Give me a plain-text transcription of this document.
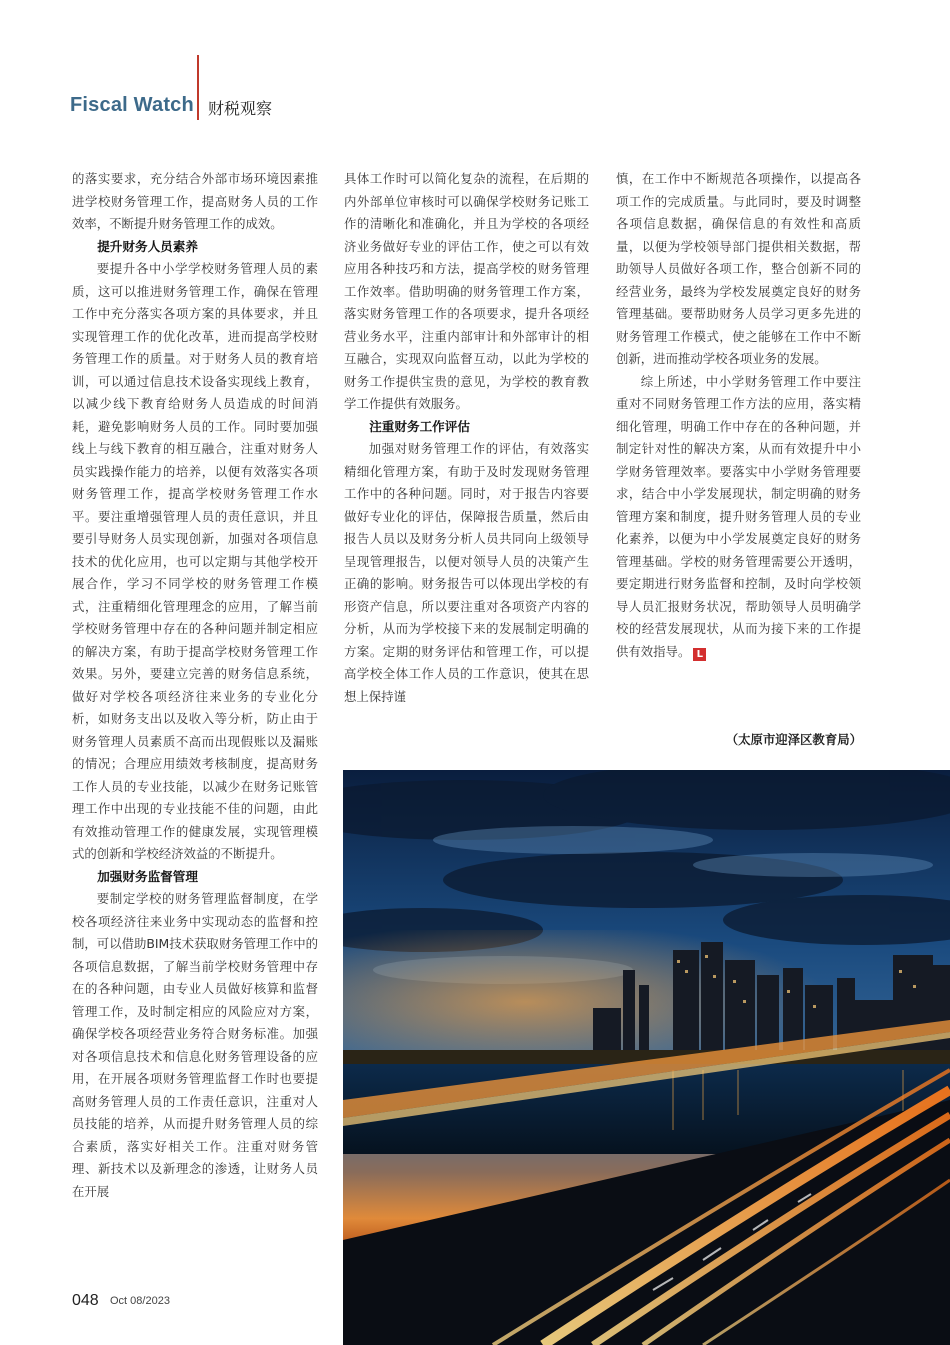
Fiscal Watch 财税观察

的落实要求，充分结合外部市场环境因素推进学校财务管理工作，提高财务人员的工作效率，不断提升财务管理工作的成效。

提升财务人员素养

要提升各中小学学校财务管理人员的素质，这可以推进财务管理工作，确保在管理工作中充分落实各项方案的具体要求，并且实现管理工作的优化改革，进而提高学校财务管理工作的质量。对于财务人员的教育培训，可以通过信息技术设备实现线上教育，以减少线下教育给财务人员造成的时间消耗，避免影响财务人员的工作。同时要加强线上与线下教育的相互融合，注重对财务人员实践操作能力的培养，以便有效落实各项财务管理工作，提高学校财务管理工作水平。要注重增强管理人员的责任意识，并且要引导财务人员实现创新，加强对各项信息技术的优化应用，也可以定期与其他学校开展合作，学习不同学校的财务管理工作模式，注重精细化管理理念的应用，了解当前学校财务管理中存在的各种问题并制定相应的解决方案，有助于提高学校财务管理工作效果。另外，要建立完善的财务信息系统，做好对学校各项经济往来业务的专业化分析，如财务支出以及收入等分析，防止由于财务管理人员素质不高而出现假账以及漏账的情况；合理应用绩效考核制度，提高财务工作人员的专业技能，以减少在财务记账管理工作中出现的专业技能不佳的问题，由此有效推动管理工作的健康发展，实现管理模式的创新和学校经济效益的不断提升。

加强财务监督管理

要制定学校的财务管理监督制度，在学校各项经济往来业务中实现动态的监督和控制，可以借助BIM技术获取财务管理工作中的各项信息数据，了解当前学校财务管理中存在的各种问题，由专业人员做好核算和监督管理工作，及时制定相应的风险应对方案，确保学校各项经营业务符合财务标准。加强对各项信息技术和信息化财务管理设备的应用，在开展各项财务管理监督工作时也要提高财务管理人员的工作责任意识，注重对人员技能的培养，从而提升财务管理人员的综合素质，落实好相关工作。注重对财务管理、新技术以及新理念的渗透，让财务人员在开展

具体工作时可以简化复杂的流程，在后期的内外部单位审核时可以确保学校财务记账工作的清晰化和准确化，并且为学校的各项经济业务做好专业的评估工作，使之可以有效应用各种技巧和方法，提高学校的财务管理工作效率。借助明确的财务管理工作方案，落实财务管理工作的各项要求，提升各项经营业务水平，注重内部审计和外部审计的相互融合，实现双向监督互动，以此为学校的财务工作提供宝贵的意见，为学校的教育教学工作提供有效服务。

注重财务工作评估

加强对财务管理工作的评估，有效落实精细化管理方案，有助于及时发现财务管理工作中的各种问题。同时，对于报告内容要做好专业化的评估，保障报告质量，然后由报告人员以及财务分析人员共同向上级领导呈现管理报告，以便对领导人员的决策产生正确的影响。财务报告可以体现出学校的有形资产信息，所以要注重对各项资产内容的分析，从而为学校接下来的发展制定明确的方案。定期的财务评估和管理工作，可以提高学校全体工作人员的工作意识，使其在思想上保持谨

慎，在工作中不断规范各项操作，以提高各项工作的完成质量。与此同时，要及时调整各项信息数据，确保信息的有效性和高质量，以便为学校领导部门提供相关数据，帮助领导人员做好各项工作，整合创新不同的经营业务，最终为学校发展奠定良好的财务管理基础。要帮助财务人员学习更多先进的财务管理工作模式，使之能够在工作中不断创新，进而推动学校各项业务的发展。

综上所述，中小学财务管理工作中要注重对不同财务管理工作方法的应用，落实精细化管理，明确工作中存在的各种问题，并制定针对性的解决方案，从而有效提升中小学财务管理效率。要落实中小学财务管理要求，结合中小学发展现状，制定明确的财务管理方案和制度，提升财务管理人员的专业化素养，以便为中小学发展奠定良好的财务管理基础。学校的财务管理需要公开透明，要定期进行财务监督和控制，及时向学校领导人员汇报财务状况，帮助领导人员明确学校的经营发展现状，从而为接下来的工作提供有效指导。 L

（太原市迎泽区教育局）
048 Oct 08/2023
